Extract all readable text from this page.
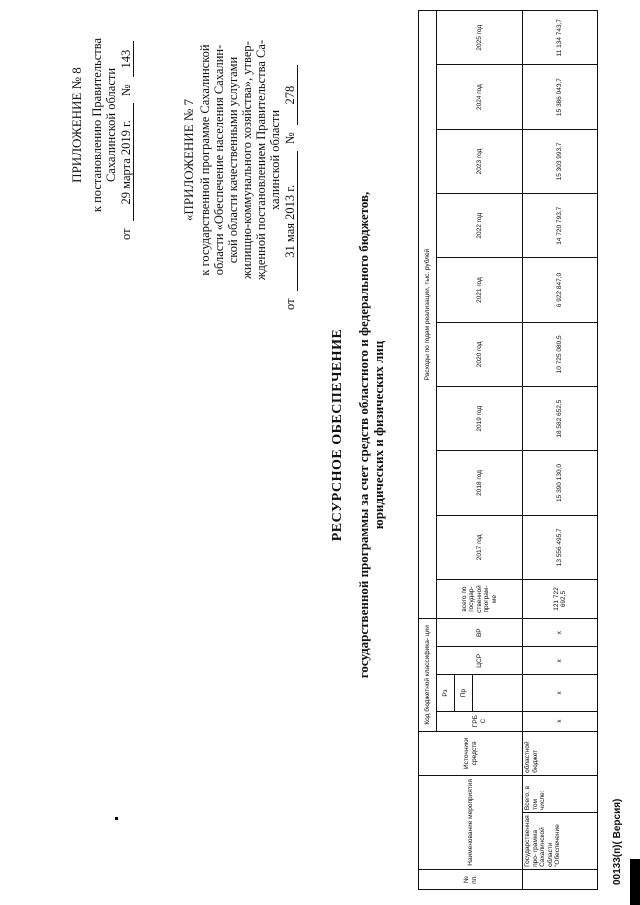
ПРИЛОЖЕНИЕ № 8 к постановлению Правительства Сахалинской области
от 29 марта 2019 г. № 143
«ПРИЛОЖЕНИЕ № 7 к государственной программе Сахалинской области «Обеспечение населения Сахалин- ской области качественными услугами жилищно-коммунального хозяйства», утвер- жденной постановлением Правительства Са- халинской области
от 31 мая 2013 г. № 278
РЕСУРСНОЕ ОБЕСПЕЧЕНИЕ государственной программы за счет средств областного и федерального бюджетов, юридических и физических лиц
№ пп.	Наименование мероприятия		Источники средств	Код бюджетной классифика- ции				Расходы по годам реализации, тыс. рублей									
				ГРБ С	Рз	ЦСР	ВР	всего по государ- ственной програм- ме	2017 год	2018 год	2019 год	2020 год	2021 год	2022 год	2023 год	2024 год	2025 год
					Пр												

	Государственная про- грамма Сахалинской области "Обеспечение	Всего, в том числе:	областной бюджет	х	х	х	х	121 722 692,5	13 556 495,7	15 390 130,0	18 582 652,5	10 725 080,5	6 922 847,0	14 720 793,7	15 303 993,7	15 386 043,7	11 134 743,7
00133(п)( Версия)
